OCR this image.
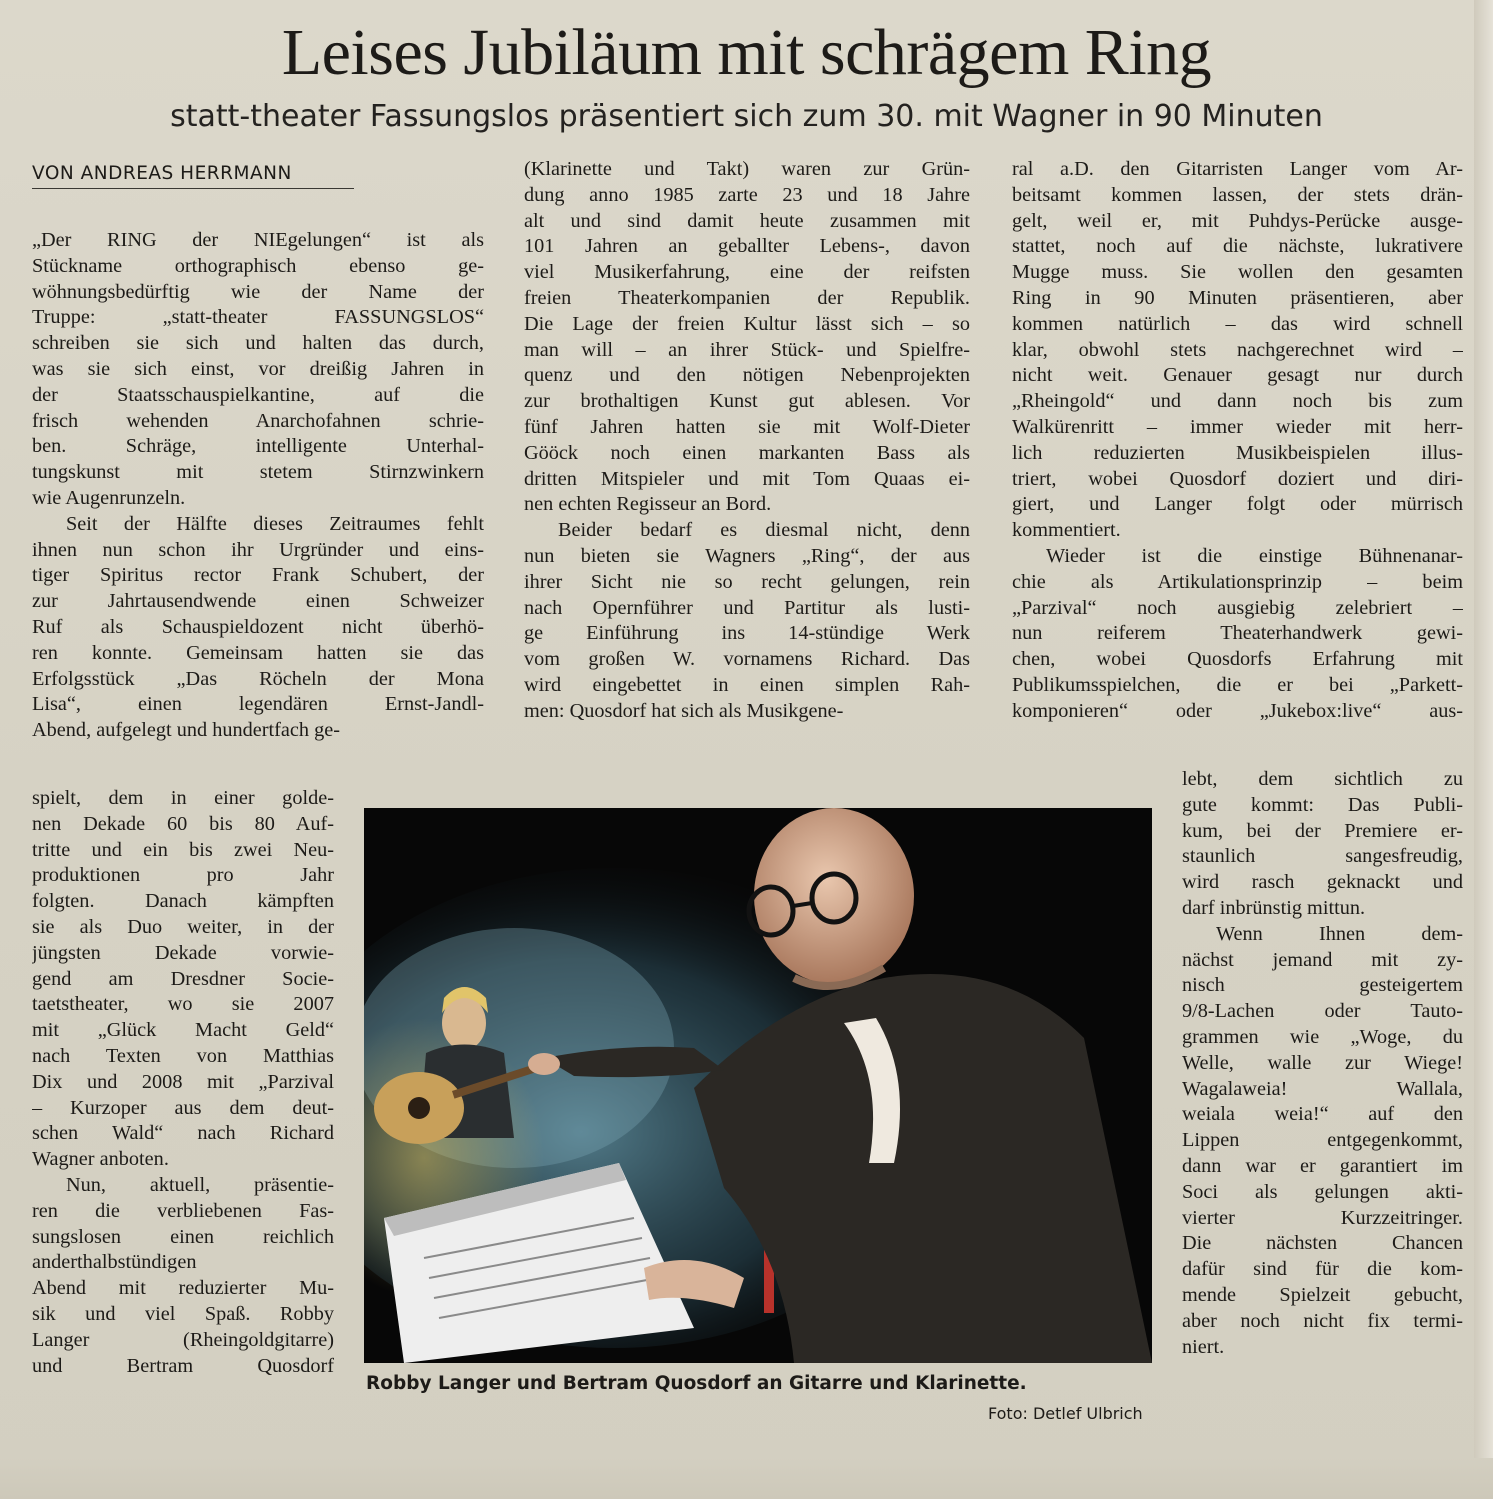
Leises Jubiläum mit schrägem Ring
statt-theater Fassungslos präsentiert sich zum 30. mit Wagner in 90 Minuten
VON ANDREAS HERRMANN
„Der RING der NIEgelungen“ ist als
Stückname orthographisch ebenso ge-
wöhnungsbedürftig wie der Name der
Truppe: „statt-theater FASSUNGSLOS“
schreiben sie sich und halten das durch,
was sie sich einst, vor dreißig Jahren in
der Staatsschauspielkantine, auf die
frisch wehenden Anarchofahnen schrie-
ben. Schräge, intelligente Unterhal-
tungskunst mit stetem Stirnzwinkern
wie Augenrunzeln.
Seit der Hälfte dieses Zeitraumes fehlt
ihnen nun schon ihr Urgründer und eins-
tiger Spiritus rector Frank Schubert, der
zur Jahrtausendwende einen Schweizer
Ruf als Schauspieldozent nicht überhö-
ren konnte. Gemeinsam hatten sie das
Erfolgsstück „Das Röcheln der Mona
Lisa“, einen legendären Ernst-Jandl-
Abend, aufgelegt und hundertfach ge-
spielt, dem in einer golde-
nen Dekade 60 bis 80 Auf-
tritte und ein bis zwei Neu-
produktionen pro Jahr
folgten. Danach kämpften
sie als Duo weiter, in der
jüngsten Dekade vorwie-
gend am Dresdner Socie-
taetstheater, wo sie 2007
mit „Glück Macht Geld“
nach Texten von Matthias
Dix und 2008 mit „Parzival
– Kurzoper aus dem deut-
schen Wald“ nach Richard
Wagner anboten.
Nun, aktuell, präsentie-
ren die verbliebenen Fas-
sungslosen einen reichlich
anderthalbstündigen
Abend mit reduzierter Mu-
sik und viel Spaß. Robby
Langer (Rheingoldgitarre)
und Bertram Quosdorf
(Klarinette und Takt) waren zur Grün-
dung anno 1985 zarte 23 und 18 Jahre
alt und sind damit heute zusammen mit
101 Jahren an geballter Lebens-, davon
viel Musikerfahrung, eine der reifsten
freien Theaterkompanien der Republik.
Die Lage der freien Kultur lässt sich – so
man will – an ihrer Stück- und Spielfre-
quenz und den nötigen Nebenprojekten
zur brothaltigen Kunst gut ablesen. Vor
fünf Jahren hatten sie mit Wolf-Dieter
Gööck noch einen markanten Bass als
dritten Mitspieler und mit Tom Quaas ei-
nen echten Regisseur an Bord.
Beider bedarf es diesmal nicht, denn
nun bieten sie Wagners „Ring“, der aus
ihrer Sicht nie so recht gelungen, rein
nach Opernführer und Partitur als lusti-
ge Einführung ins 14-stündige Werk
vom großen W. vornamens Richard. Das
wird eingebettet in einen simplen Rah-
men: Quosdorf hat sich als Musikgene-
ral a.D. den Gitarristen Langer vom Ar-
beitsamt kommen lassen, der stets drän-
gelt, weil er, mit Puhdys-Perücke ausge-
stattet, noch auf die nächste, lukrativere
Mugge muss. Sie wollen den gesamten
Ring in 90 Minuten präsentieren, aber
kommen natürlich – das wird schnell
klar, obwohl stets nachgerechnet wird –
nicht weit. Genauer gesagt nur durch
„Rheingold“ und dann noch bis zum
Walkürenritt – immer wieder mit herr-
lich reduzierten Musikbeispielen illus-
triert, wobei Quosdorf doziert und diri-
giert, und Langer folgt oder mürrisch
kommentiert.
Wieder ist die einstige Bühnenanar-
chie als Artikulationsprinzip – beim
„Parzival“ noch ausgiebig zelebriert –
nun reiferem Theaterhandwerk gewi-
chen, wobei Quosdorfs Erfahrung mit
Publikumsspielchen, die er bei „Parkett-
komponieren“ oder „Jukebox:live“ aus-
lebt, dem sichtlich zu
gute kommt: Das Publi-
kum, bei der Premiere er-
staunlich sangesfreudig,
wird rasch geknackt und
darf inbrünstig mittun.
Wenn Ihnen dem-
nächst jemand mit zy-
nisch gesteigertem
9/8-Lachen oder Tauto-
grammen wie „Woge, du
Welle, walle zur Wiege!
Wagalaweia! Wallala,
weiala weia!“ auf den
Lippen entgegenkommt,
dann war er garantiert im
Soci als gelungen akti-
vierter Kurzzeitringer.
Die nächsten Chancen
dafür sind für die kom-
mende Spielzeit gebucht,
aber noch nicht fix termi-
niert.
Robby Langer und Bertram Quosdorf an Gitarre und Klarinette.
Foto: Detlef Ulbrich
